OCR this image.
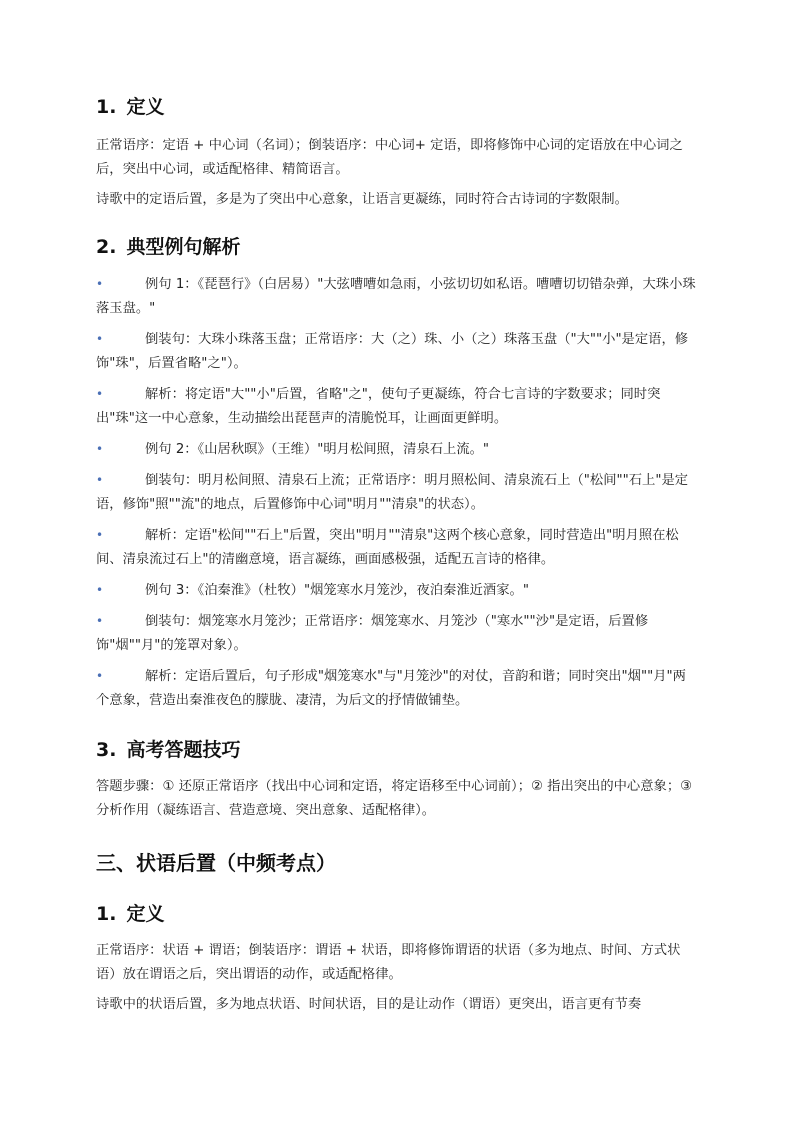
1. 定义

正常语序：定语 + 中心词（名词）；倒装语序：中心词+ 定语，即将修饰中心词的定语放在中心词之后，突出中心词，或适配格律、精简语言。

诗歌中的定语后置，多是为了突出中心意象，让语言更凝练，同时符合古诗词的字数限制。

2. 典型例句解析
•	例句 1：《琵琶行》（白居易）"大弦嘈嘈如急雨，小弦切切如私语。嘈嘈切切错杂弹，大珠小珠落玉盘。"
•	倒装句：大珠小珠落玉盘；正常语序：大（之）珠、小（之）珠落玉盘（"大""小"是定语，修饰"珠"，后置省略"之"）。
•	解析：将定语"大""小"后置，省略"之"，使句子更凝练，符合七言诗的字数要求；同时突出"珠"这一中心意象，生动描绘出琵琶声的清脆悦耳，让画面更鲜明。
•	例句 2：《山居秋暝》（王维）"明月松间照，清泉石上流。"
•	倒装句：明月松间照、清泉石上流；正常语序：明月照松间、清泉流石上（"松间""石上"是定语，修饰"照""流"的地点，后置修饰中心词"明月""清泉"的状态）。
•	解析：定语"松间""石上"后置，突出"明月""清泉"这两个核心意象，同时营造出"明月照在松间、清泉流过石上"的清幽意境，语言凝练，画面感极强，适配五言诗的格律。
•	例句 3：《泊秦淮》（杜牧）"烟笼寒水月笼沙，夜泊秦淮近酒家。"
•	倒装句：烟笼寒水月笼沙；正常语序：烟笼寒水、月笼沙（"寒水""沙"是定语，后置修饰"烟""月"的笼罩对象）。
•	解析：定语后置后，句子形成"烟笼寒水"与"月笼沙"的对仗，音韵和谐；同时突出"烟""月"两个意象，营造出秦淮夜色的朦胧、凄清，为后文的抒情做铺垫。
3. 高考答题技巧

答题步骤：① 还原正常语序（找出中心词和定语，将定语移至中心词前）；② 指出突出的中心意象；③ 分析作用（凝练语言、营造意境、突出意象、适配格律）。

三、状语后置（中频考点）
1. 定义

正常语序：状语 + 谓语；倒装语序：谓语 + 状语，即将修饰谓语的状语（多为地点、时间、方式状语）放在谓语之后，突出谓语的动作，或适配格律。

诗歌中的状语后置，多为地点状语、时间状语，目的是让动作（谓语）更突出，语言更有节奏
